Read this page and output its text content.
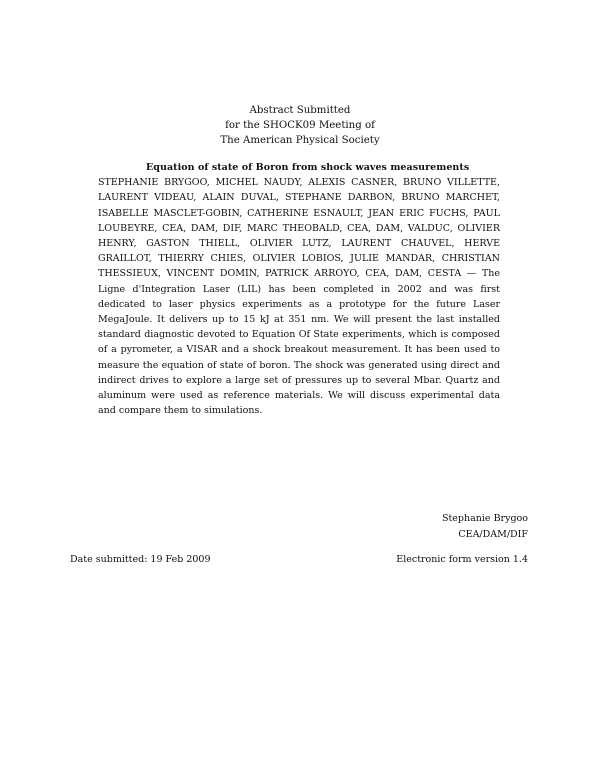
Abstract Submitted
for the SHOCK09 Meeting of
The American Physical Society
Equation of state of Boron from shock waves measurements
STEPHANIE BRYGOO, MICHEL NAUDY, ALEXIS CASNER, BRUNO VILLETTE, LAURENT VIDEAU, ALAIN DUVAL, STEPHANE DARBON, BRUNO MARCHET, ISABELLE MASCLET-GOBIN, CATHERINE ESNAULT, JEAN ERIC FUCHS, PAUL LOUBEYRE, CEA, DAM, DIF, MARC THEOBALD, CEA, DAM, VALDUC, OLIVIER HENRY, GASTON THIELL, OLIVIER LUTZ, LAURENT CHAUVEL, HERVE GRAILLOT, THIERRY CHIES, OLIVIER LOBIOS, JULIE MANDAR, CHRISTIAN THESSIEUX, VINCENT DOMIN, PATRICK ARROYO, CEA, DAM, CESTA — The Ligne d'Integration Laser (LIL) has been completed in 2002 and was first dedicated to laser physics experiments as a prototype for the future Laser MegaJoule. It delivers up to 15 kJ at 351 nm. We will present the last installed standard diagnostic devoted to Equation Of State experiments, which is composed of a pyrometer, a VISAR and a shock breakout measurement. It has been used to measure the equation of state of boron. The shock was generated using direct and indirect drives to explore a large set of pressures up to several Mbar. Quartz and aluminum were used as reference materials. We will discuss experimental data and compare them to simulations.
Stephanie Brygoo
CEA/DAM/DIF
Date submitted: 19 Feb 2009	Electronic form version 1.4
